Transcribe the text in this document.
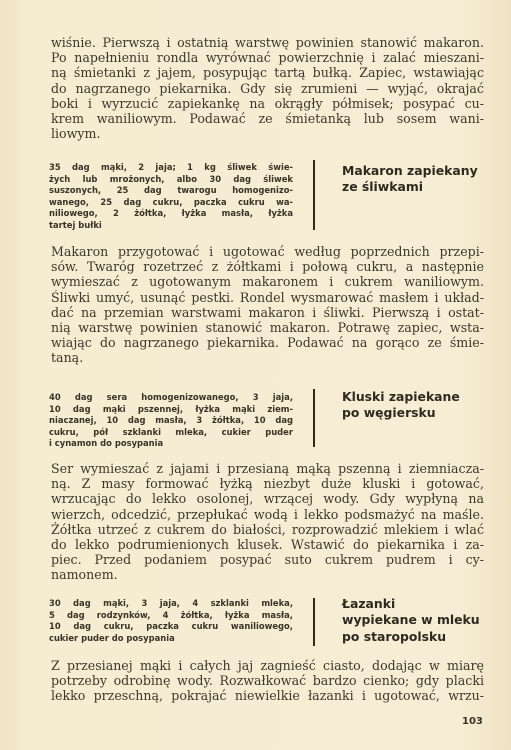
wiśnie. Pierwszą i ostatnią warstwę powinien stanowić makaron.
Po napełnieniu rondla wyrównać powierzchnię i zalać mieszani-
ną śmietanki z jajem, posypując tartą bułką. Zapiec, wstawiając
do nagrzanego piekarnika. Gdy się zrumieni — wyjąć, okrajać
boki i wyrzucić zapiekankę na okrągły półmisek; posypać cu-
krem waniliowym. Podawać ze śmietanką lub sosem wani-
liowym.
35 dag mąki, 2 jaja; 1 kg śliwek świe-
żych lub mrożonych, albo 30 dag śliwek
suszonych, 25 dag twarogu homogenizo-
wanego, 25 dag cukru, paczka cukru wa-
niliowego, 2 żółtka, łyżka masła, łyżka
tartej bułki
Makaron zapiekany
ze śliwkami
Makaron przygotować i ugotować według poprzednich przepi-
sów. Twaróg rozetrzeć z żółtkami i połową cukru, a następnie
wymieszać z ugotowanym makaronem i cukrem waniliowym.
Śliwki umyć, usunąć pestki. Rondel wysmarować masłem i układ-
dać na przemian warstwami makaron i śliwki. Pierwszą i ostat-
nią warstwę powinien stanowić makaron. Potrawę zapiec, wsta-
wiając do nagrzanego piekarnika. Podawać na gorąco ze śmie-
taną.
40 dag sera homogenizowanego, 3 jaja,
10 dag mąki pszennej, łyżka mąki ziem-
niaczanej, 10 dag masła, 3 żółtka, 10 dag
cukru, pół szklanki mleka, cukier puder
i cynamon do posypania
Kluski zapiekane
po węgiersku
Ser wymieszać z jajami i przesianą mąką pszenną i ziemniacza-
ną. Z masy formować łyżką niezbyt duże kluski i gotować,
wrzucając do lekko osolonej, wrzącej wody. Gdy wypłyną na
wierzch, odcedzić, przepłukać wodą i lekko podsmażyć na maśle.
Żółtka utrzeć z cukrem do białości, rozprowadzić mlekiem i wlać
do lekko podrumienionych klusek. Wstawić do piekarnika i za-
piec. Przed podaniem posypać suto cukrem pudrem i cy-
namonem.
30 dag mąki, 3 jaja, 4 szklanki mleka,
5 dag rodzynków, 4 żółtka, łyżka masła,
10 dag cukru, paczka cukru waniliowego,
cukier puder do posypania
Łazanki
wypiekane w mleku
po staropolsku
Z przesianej mąki i całych jaj zagnieść ciasto, dodając w miarę
potrzeby odrobinę wody. Rozwałkować bardzo cienko; gdy placki
lekko przeschną, pokrajać niewielkie łazanki i ugotować, wrzu-
103
